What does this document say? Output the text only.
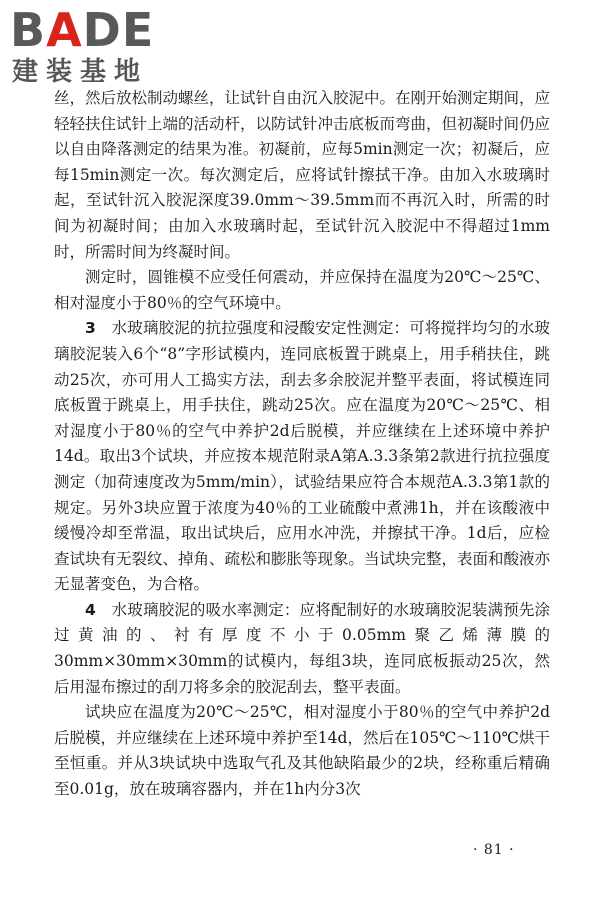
BADE
建装基地

丝，然后放松制动螺丝，让试针自由沉入胶泥中。在刚开始测定期间，应轻轻扶住试针上端的活动杆，以防试针冲击底板而弯曲，但初凝时间仍应以自由降落测定的结果为准。初凝前，应每5min测定一次；初凝后，应每15min测定一次。每次测定后，应将试针擦拭干净。由加入水玻璃时起，至试针沉入胶泥深度39.0mm～39.5mm而不再沉入时，所需的时间为初凝时间；由加入水玻璃时起，至试针沉入胶泥中不得超过1mm时，所需时间为终凝时间。

测定时，圆锥模不应受任何震动，并应保持在温度为20℃～25℃、相对湿度小于80％的空气环境中。

3　 水玻璃胶泥的抗拉强度和浸酸安定性测定：可将搅拌均匀的水玻璃胶泥装入6个“8”字形试模内，连同底板置于跳桌上，用手稍扶住，跳动25次，亦可用人工捣实方法，刮去多余胶泥并整平表面，将试模连同底板置于跳桌上，用手扶住，跳动25次。应在温度为20℃～25℃、相对湿度小于80％的空气中养护2d后脱模，并应继续在上述环境中养护14d。取出3个试块，并应按本规范附录A第A.3.3条第2款进行抗拉强度测定（加荷速度改为5mm/min），试验结果应符合本规范A.3.3第1款的规定。另外3块应置于浓度为40％的工业硫酸中煮沸1h，并在该酸液中缓慢冷却至常温，取出试块后，应用水冲洗，并擦拭干净。1d后，应检查试块有无裂纹、掉角、疏松和膨胀等现象。当试块完整，表面和酸液亦无显著变色，为合格。

4　 水玻璃胶泥的吸水率测定：应将配制好的水玻璃胶泥装满预先涂过黄油的、衬有厚度不小于0.05mm聚乙烯薄膜的30mm×30mm×30mm的试模内，每组3块，连同底板振动25次，然后用湿布擦过的刮刀将多余的胶泥刮去，整平表面。

试块应在温度为20℃～25℃，相对湿度小于80％的空气中养护2d后脱模，并应继续在上述环境中养护至14d，然后在105℃～110℃烘干至恒重。并从3块试块中选取气孔及其他缺陷最少的2块，经称重后精确至0.01g，放在玻璃容器内，并在1h内分3次

· 81 ·
